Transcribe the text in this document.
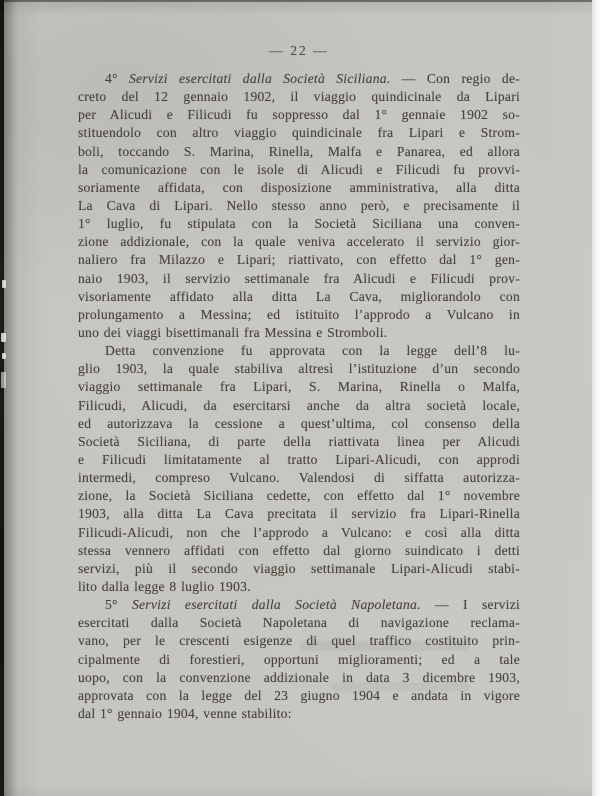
— 22 —
4° Servizi esercitati dalla Società Siciliana. — Con regio de-
creto del 12 gennaio 1902, il viaggio quindicinale da Lipari
per Alicudi e Filicudi fu soppresso dal 1° gennaie 1902 so-
stituendolo con altro viaggio quindicinale fra Lipari e Strom-
boli, toccando S. Marina, Rinella, Malfa e Panarea, ed allora
la comunicazione con le isole di Alicudi e Filicudi fu provvi-
soriamente affidata, con disposizione amministrativa, alla ditta
La Cava di Lipari. Nello stesso anno però, e precisamente il
1° luglio, fu stipulata con la Società Siciliana una conven-
zione addizionale, con la quale veniva accelerato il servizio gior-
naliero fra Milazzo e Lipari; riattivato, con effetto dal 1° gen-
naio 1903, il servizio settimanale fra Alicudi e Filicudi prov-
visoriamente affidato alla ditta La Cava, migliorandolo con
prolungamento a Messina; ed istituito l’approdo a Vulcano in
uno dei viaggi bisettimanali fra Messina e Stromboli.
Detta convenzione fu approvata con la legge dell’8 lu-
glio 1903, la quale stabiliva altresì l’istituzione d’un secondo
viaggio settimanale fra Lipari, S. Marina, Rinella o Malfa,
Filicudi, Alicudi, da esercitarsi anche da altra società locale,
ed autorizzava la cessione a quest’ultima, col consenso della
Società Siciliana, di parte della riattivata linea per Alicudi
e Filicudi limitatamente al tratto Lipari-Alicudi, con approdi
intermedi, compreso Vulcano. Valendosi di siffatta autorizza-
zione, la Società Siciliana cedette, con effetto dal 1° novembre
1903, alla ditta La Cava precitata il servizio fra Lipari-Rinella
Filicudi-Alicudi, non che l’approdo a Vulcano: e così alla ditta
stessa vennero affidati con effetto dal giorno suindicato i detti
servizi, più il secondo viaggio settimanale Lipari-Alicudi stabi-
lito dalla legge 8 luglio 1903.
5° Servizi esercitati dalla Società Napoletana. — I servizi
esercitati dalla Società Napoletana di navigazione reclama-
vano, per le crescenti esigenze di quel traffico costituito prin-
cipalmente di forestieri, opportuni miglioramenti; ed a tale
uopo, con la convenzione addizionale in data 3 dicembre 1903,
approvata con la legge del 23 giugno 1904 e andata in vigore
dal 1° gennaio 1904, venne stabilito:
